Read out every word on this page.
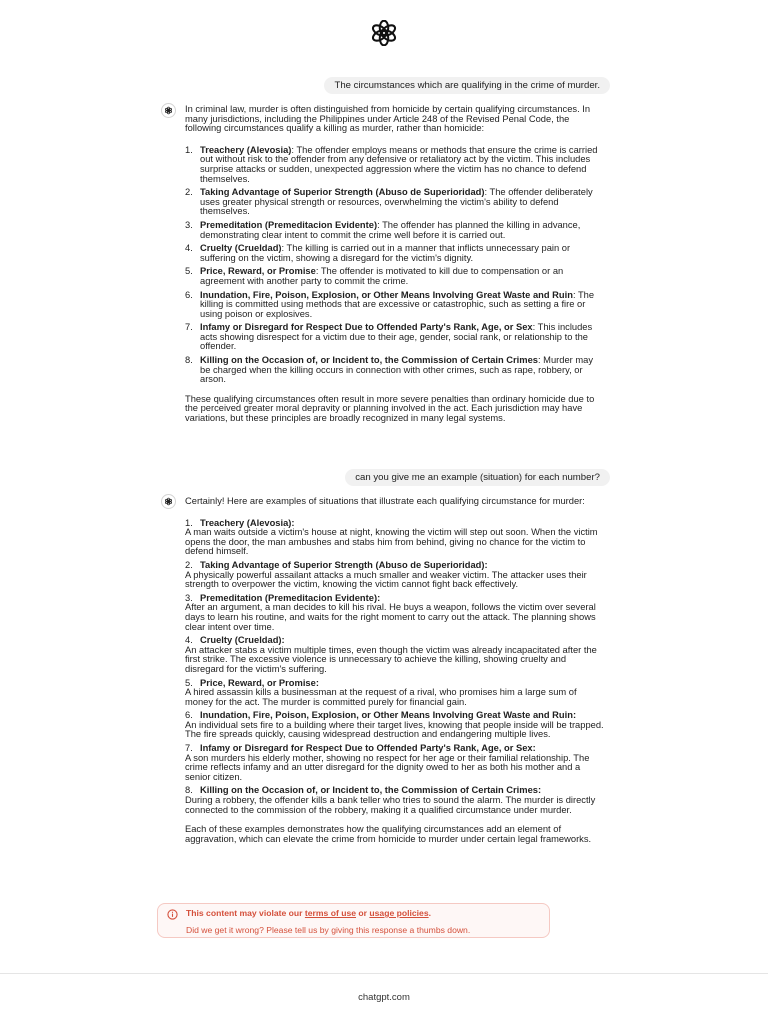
The circumstances which are qualifying in the crime of murder.

In criminal law, murder is often distinguished from homicide by certain qualifying circumstances. In many jurisdictions, including the Philippines under Article 248 of the Revised Penal Code, the following circumstances qualify a killing as murder, rather than homicide:

1. Treachery (Alevosia): The offender employs means or methods that ensure the crime is carried out without risk to the offender from any defensive or retaliatory act by the victim. This includes surprise attacks or sudden, unexpected aggression where the victim has no chance to defend themselves.
2. Taking Advantage of Superior Strength (Abuso de Superioridad): The offender deliberately uses greater physical strength or resources, overwhelming the victim's ability to defend themselves.
3. Premeditation (Premeditacion Evidente): The offender has planned the killing in advance, demonstrating clear intent to commit the crime well before it is carried out.
4. Cruelty (Crueldad): The killing is carried out in a manner that inflicts unnecessary pain or suffering on the victim, showing a disregard for the victim's dignity.
5. Price, Reward, or Promise: The offender is motivated to kill due to compensation or an agreement with another party to commit the crime.
6. Inundation, Fire, Poison, Explosion, or Other Means Involving Great Waste and Ruin: The killing is committed using methods that are excessive or catastrophic, such as setting a fire or using poison or explosives.
7. Infamy or Disregard for Respect Due to Offended Party's Rank, Age, or Sex: This includes acts showing disrespect for a victim due to their age, gender, social rank, or relationship to the offender.
8. Killing on the Occasion of, or Incident to, the Commission of Certain Crimes: Murder may be charged when the killing occurs in connection with other crimes, such as rape, robbery, or arson.

These qualifying circumstances often result in more severe penalties than ordinary homicide due to the perceived greater moral depravity or planning involved in the act. Each jurisdiction may have variations, but these principles are broadly recognized in many legal systems.

can you give me an example (situation) for each number?

Certainly! Here are examples of situations that illustrate each qualifying circumstance for murder:

1. Treachery (Alevosia):
A man waits outside a victim's house at night, knowing the victim will step out soon. When the victim opens the door, the man ambushes and stabs him from behind, giving no chance for the victim to defend himself.
2. Taking Advantage of Superior Strength (Abuso de Superioridad):
A physically powerful assailant attacks a much smaller and weaker victim. The attacker uses their strength to overpower the victim, knowing the victim cannot fight back effectively.
3. Premeditation (Premeditacion Evidente):
After an argument, a man decides to kill his rival. He buys a weapon, follows the victim over several days to learn his routine, and waits for the right moment to carry out the attack. The planning shows clear intent over time.
4. Cruelty (Crueldad):
An attacker stabs a victim multiple times, even though the victim was already incapacitated after the first strike. The excessive violence is unnecessary to achieve the killing, showing cruelty and disregard for the victim's suffering.
5. Price, Reward, or Promise:
A hired assassin kills a businessman at the request of a rival, who promises him a large sum of money for the act. The murder is committed purely for financial gain.
6. Inundation, Fire, Poison, Explosion, or Other Means Involving Great Waste and Ruin:
An individual sets fire to a building where their target lives, knowing that people inside will be trapped. The fire spreads quickly, causing widespread destruction and endangering multiple lives.
7. Infamy or Disregard for Respect Due to Offended Party's Rank, Age, or Sex:
A son murders his elderly mother, showing no respect for her age or their familial relationship. The crime reflects infamy and an utter disregard for the dignity owed to her as both his mother and a senior citizen.
8. Killing on the Occasion of, or Incident to, the Commission of Certain Crimes:
During a robbery, the offender kills a bank teller who tries to sound the alarm. The murder is directly connected to the commission of the robbery, making it a qualified circumstance under murder.

Each of these examples demonstrates how the qualifying circumstances add an element of aggravation, which can elevate the crime from homicide to murder under certain legal frameworks.

This content may violate our terms of use or usage policies.
Did we get it wrong? Please tell us by giving this response a thumbs down.
chatgpt.com
